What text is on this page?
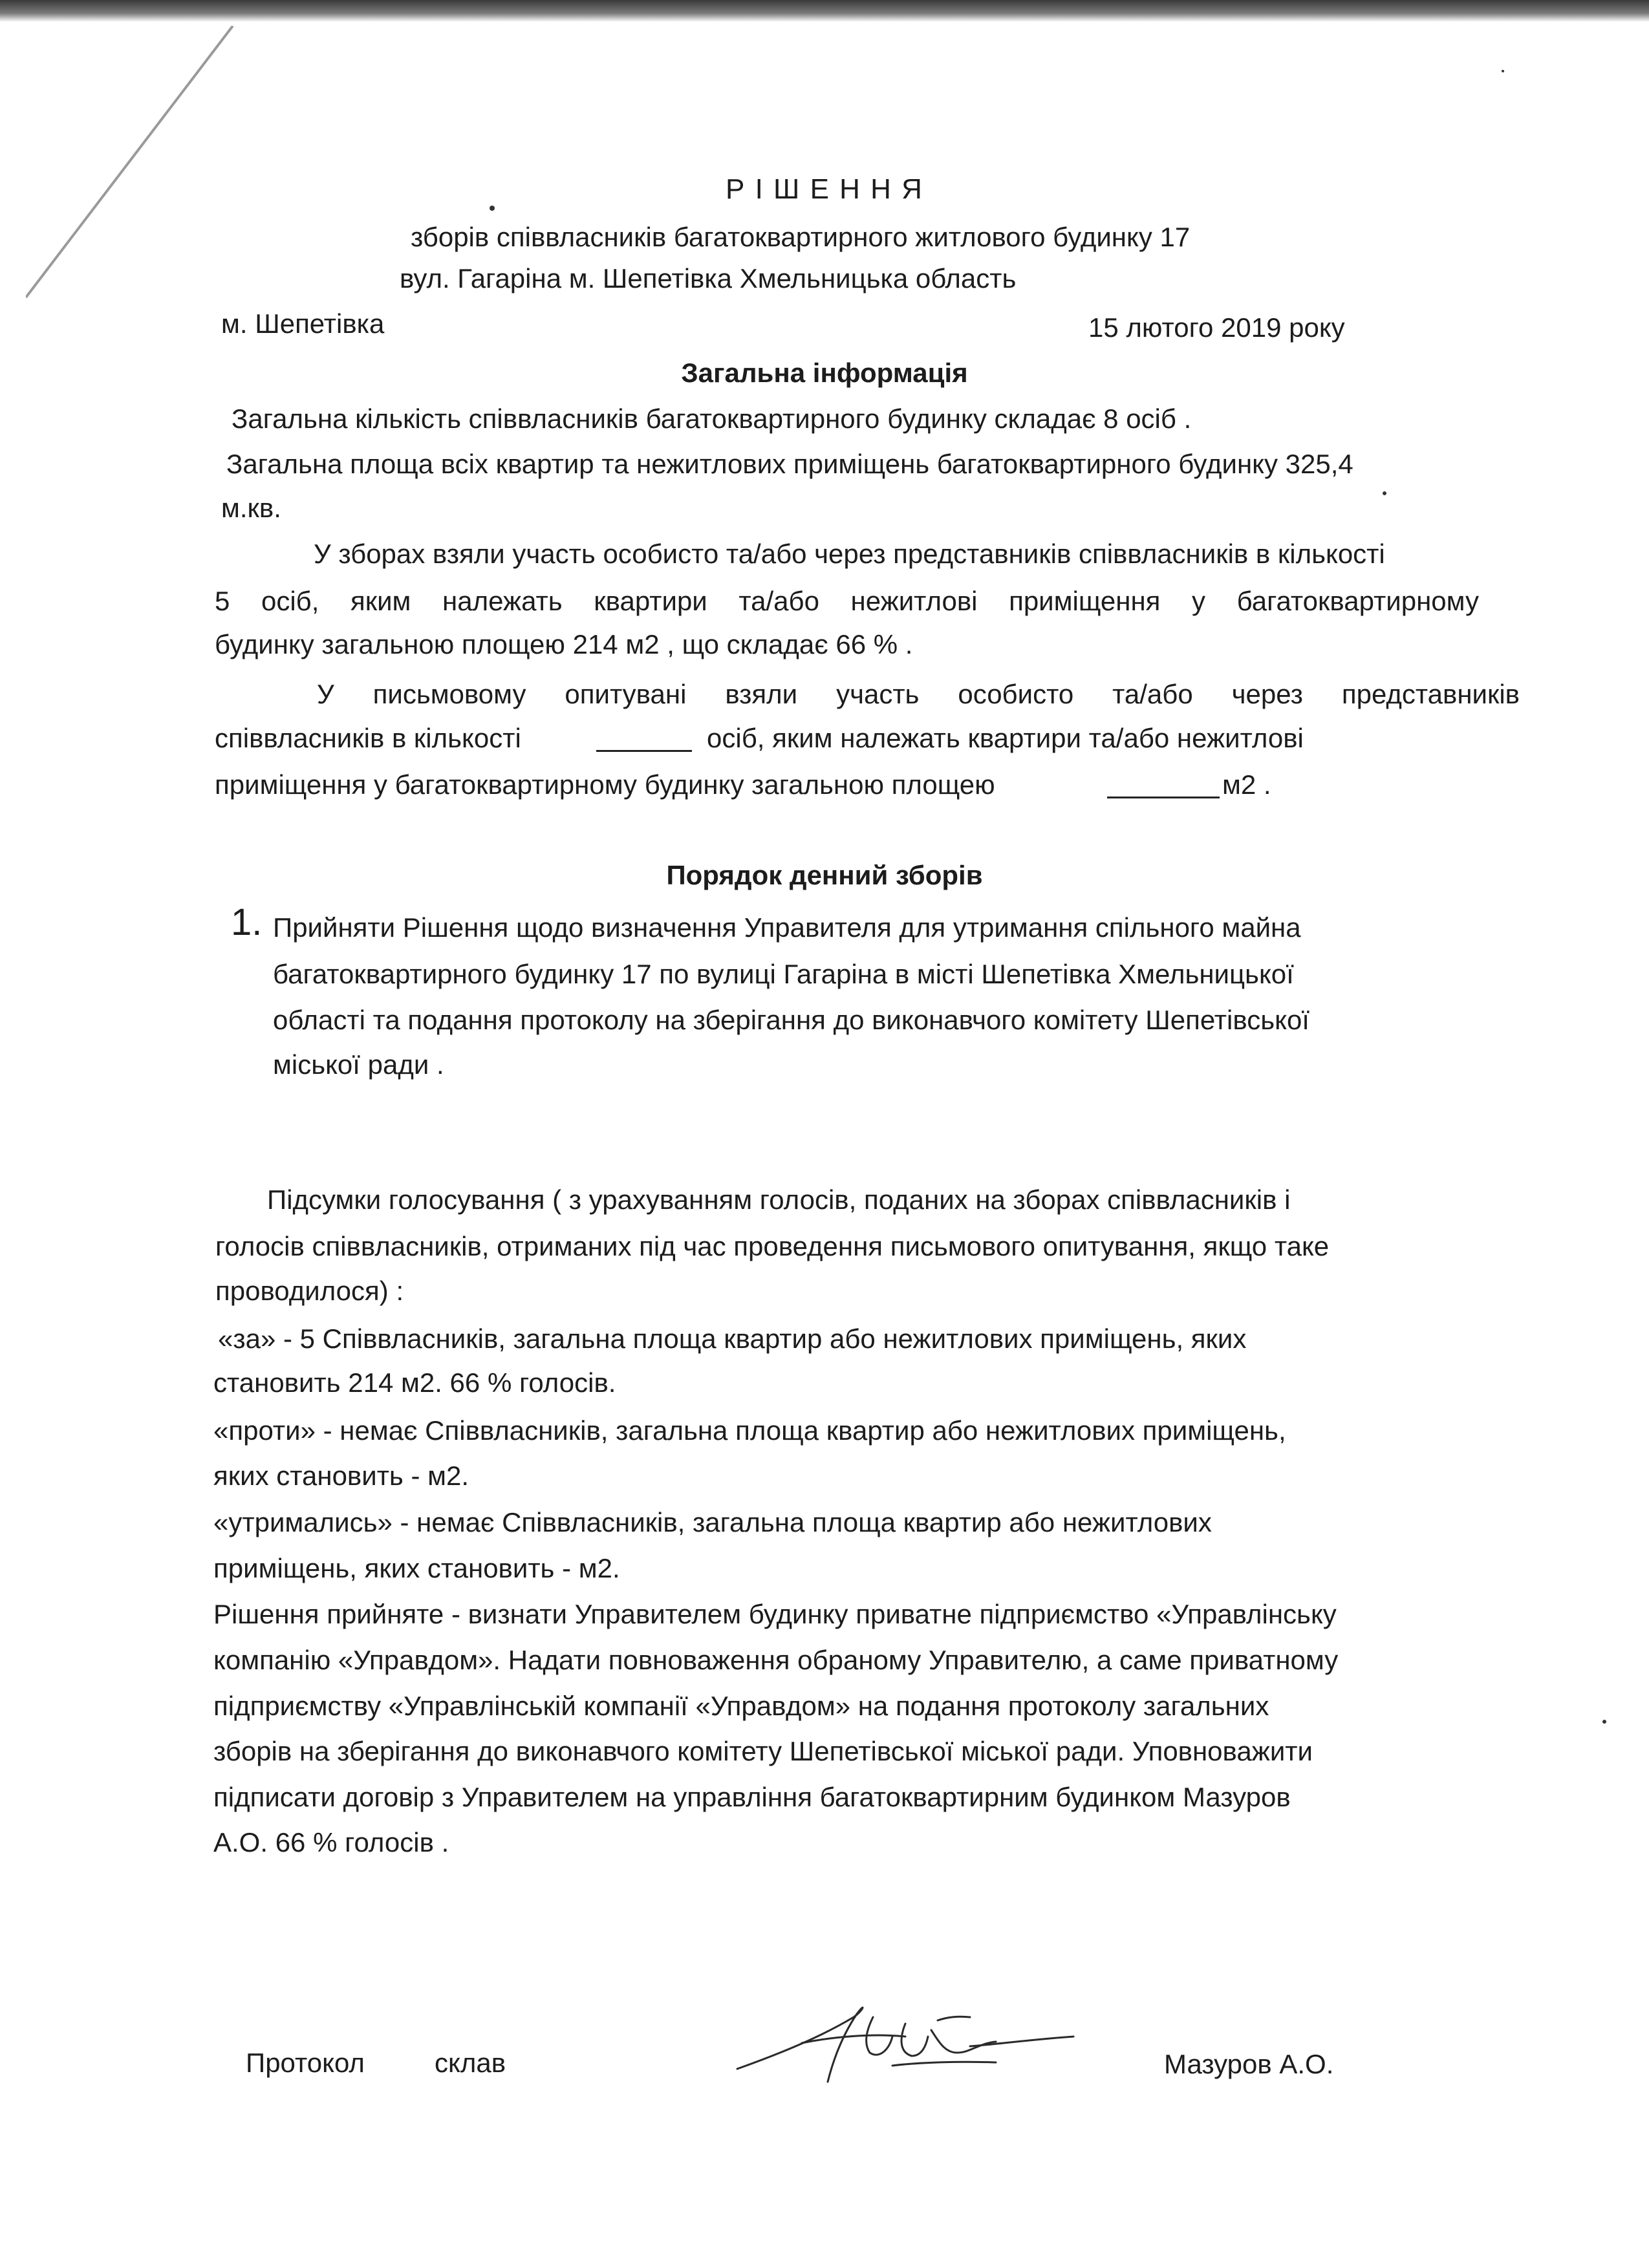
Р І Ш Е Н Н Я
зборів співвласників багатоквартирного житлового будинку 17
вул. Гагаріна м. Шепетівка Хмельницька область
м. Шепетівка	15 лютого 2019 року
Загальна інформація
Загальна кількість співвласників багатоквартирного будинку складає 8 осіб .
Загальна площа всіх квартир та нежитлових приміщень багатоквартирного будинку 325,4
м.кв.
У зборах взяли участь особисто та/або через представників співвласників в кількості
5 осіб, яким належать квартири та/або нежитлові приміщення у багатоквартирному
будинку загальною площею 214 м2 , що складає 66 % .
У письмовому опитувані взяли участь особисто та/або через представників
співвласників в кількості	осіб, яким належать квартири та/або нежитлові
приміщення у багатоквартирному будинку загальною площею	м2 .
Порядок денний зборів
1. Прийняти Рішення щодо визначення Управителя для утримання спільного майна
багатоквартирного будинку 17 по вулиці Гагаріна в місті Шепетівка Хмельницької
області та подання протоколу на зберігання до виконавчого комітету Шепетівської
міської ради .
Підсумки голосування ( з урахуванням голосів, поданих на зборах співвласників і
голосів співвласників, отриманих під час проведення письмового опитування, якщо таке
проводилося) :
«за» - 5 Співвласників, загальна площа квартир або нежитлових приміщень, яких
становить 214 м2. 66 % голосів.
«проти» - немає Співвласників, загальна площа квартир або нежитлових приміщень,
яких становить - м2.
«утримались» - немає Співвласників, загальна площа квартир або нежитлових
приміщень, яких становить - м2.
Рішення прийняте - визнати Управителем будинку приватне підприємство «Управлінську
компанію «Управдом». Надати повноваження обраному Управителю, а саме приватному
підприємству «Управлінській компанії «Управдом» на подання протоколу загальних
зборів на зберігання до виконавчого комітету Шепетівської міської ради. Уповноважити
підписати договір з Управителем на управління багатоквартирним будинком Мазуров
А.О. 66 % голосів .
Протокол	склав	Мазуров А.О.
